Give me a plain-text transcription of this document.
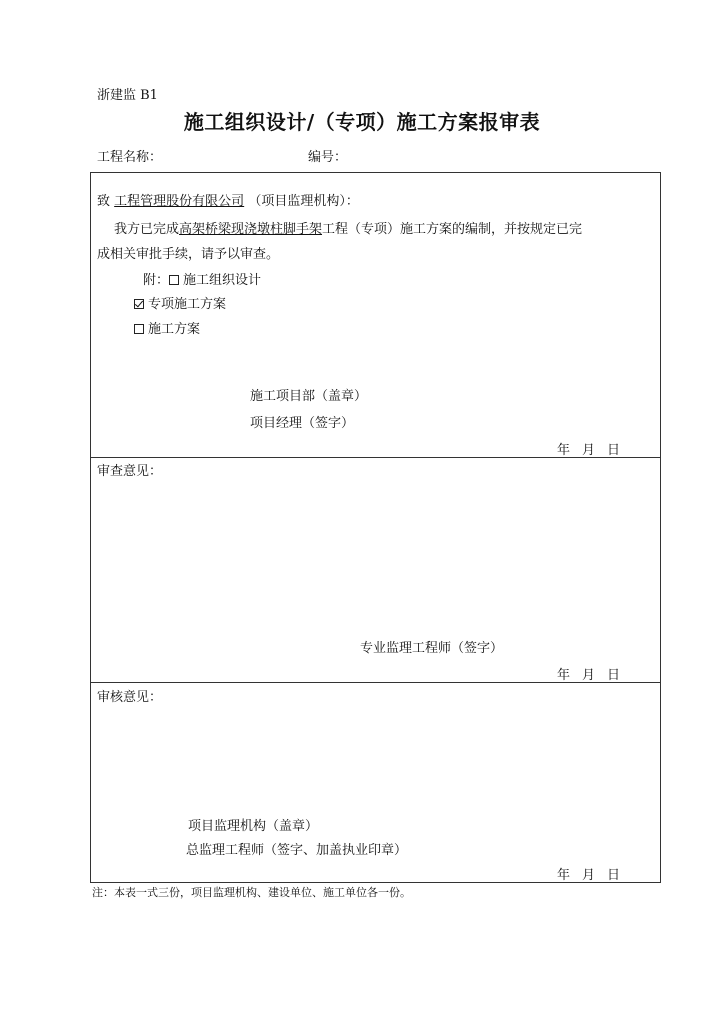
浙建监 B1
施工组织设计/（专项）施工方案报审表
工程名称：	编号：
致 工程管理股份有限公司 （项目监理机构）：
我方已完成高架桥梁现浇墩柱脚手架工程（专项）施工方案的编制，并按规定已完
成相关审批手续，请予以审查。
附： 施工组织设计
专项施工方案
施工方案
施工项目部（盖章）
项目经理（签字）
年 月 日
审查意见：
专业监理工程师（签字）
年 月 日
审核意见：
项目监理机构（盖章）
总监理工程师（签字、加盖执业印章）
年 月 日
注：本表一式三份，项目监理机构、建设单位、施工单位各一份。
